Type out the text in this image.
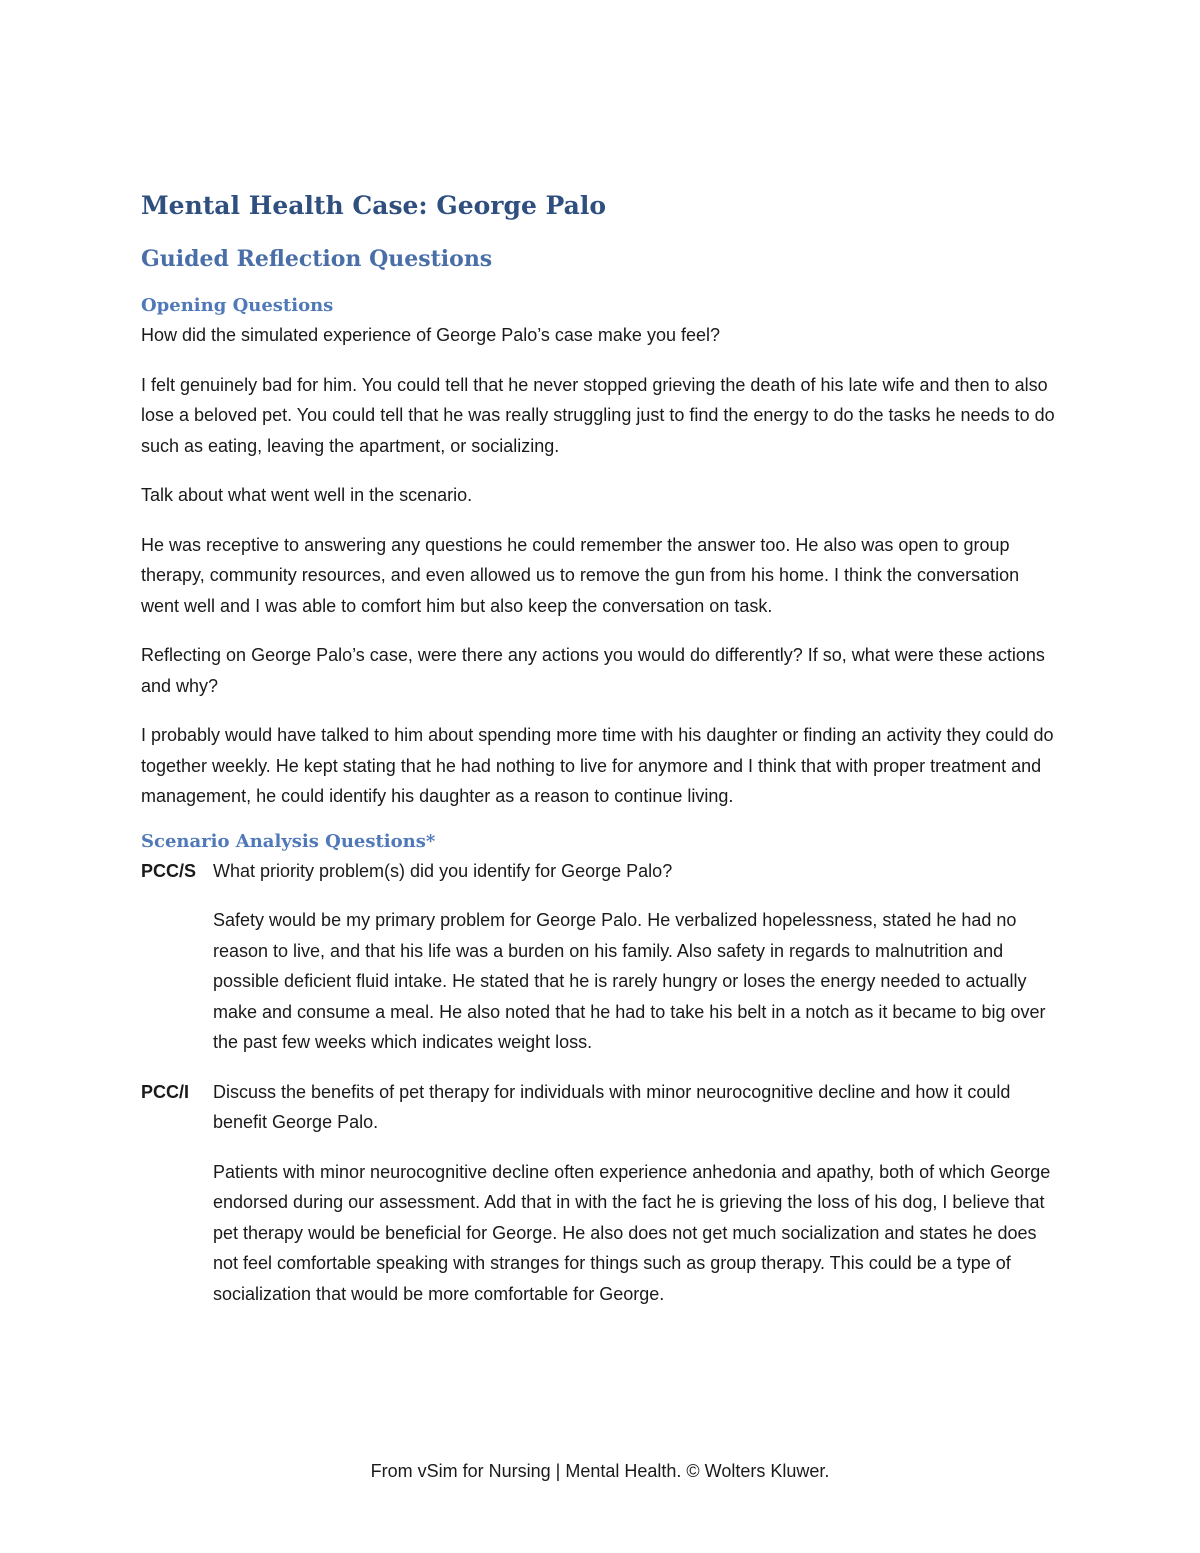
Mental Health Case: George Palo
Guided Reflection Questions
Opening Questions

How did the simulated experience of George Palo’s case make you feel?

I felt genuinely bad for him. You could tell that he never stopped grieving the death of his late wife and then to also lose a beloved pet. You could tell that he was really struggling just to find the energy to do the tasks he needs to do such as eating, leaving the apartment, or socializing.

Talk about what went well in the scenario.

He was receptive to answering any questions he could remember the answer too. He also was open to group therapy, community resources, and even allowed us to remove the gun from his home. I think the conversation went well and I was able to comfort him but also keep the conversation on task.

Reflecting on George Palo’s case, were there any actions you would do differently? If so, what were these actions and why?

I probably would have talked to him about spending more time with his daughter or finding an activity they could do together weekly. He kept stating that he had nothing to live for anymore and I think that with proper treatment and management, he could identify his daughter as a reason to continue living.

Scenario Analysis Questions*
PCC/S What priority problem(s) did you identify for George Palo?

Safety would be my primary problem for George Palo. He verbalized hopelessness, stated he had no reason to live, and that his life was a burden on his family. Also safety in regards to malnutrition and possible deficient fluid intake. He stated that he is rarely hungry or loses the energy needed to actually make and consume a meal. He also noted that he had to take his belt in a notch as it became to big over the past few weeks which indicates weight loss.

PCC/I	Discuss the benefits of pet therapy for individuals with minor neurocognitive decline and how it could benefit George Palo.

Patients with minor neurocognitive decline often experience anhedonia and apathy, both of which George endorsed during our assessment. Add that in with the fact he is grieving the loss of his dog, I believe that pet therapy would be beneficial for George. He also does not get much socialization and states he does not feel comfortable speaking with stranges for things such as group therapy. This could be a type of socialization that would be more comfortable for George.

From vSim for Nursing | Mental Health. © Wolters Kluwer.
